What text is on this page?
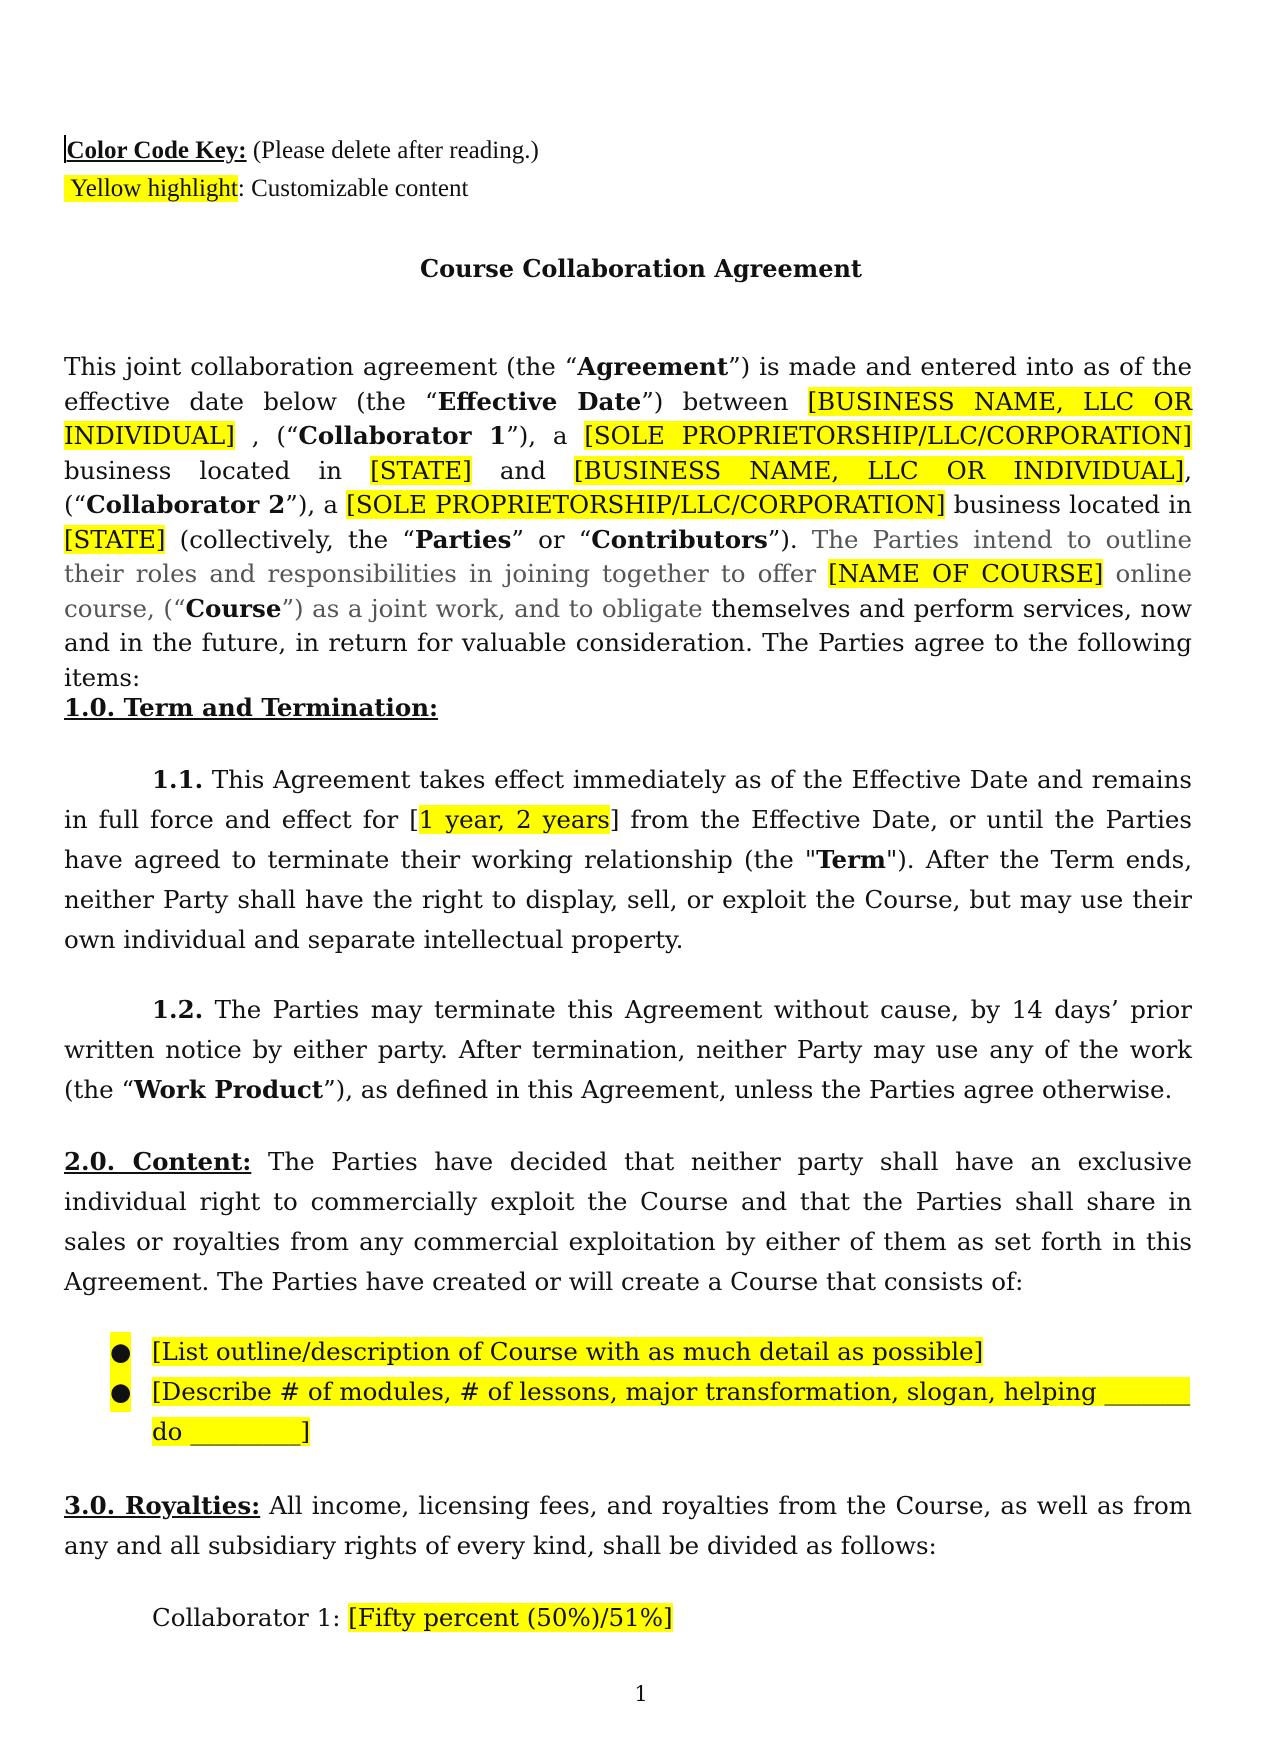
Color Code Key: (Please delete after reading.)
Yellow highlight: Customizable content
Course Collaboration Agreement
This joint collaboration agreement (the “Agreement”) is made and entered into as of the effective date below (the “Effective Date”) between [BUSINESS NAME, LLC OR INDIVIDUAL] , (“Collaborator 1”), a [SOLE PROPRIETORSHIP/LLC/CORPORATION] business located in [STATE] and [BUSINESS NAME, LLC OR INDIVIDUAL], (“Collaborator 2”), a [SOLE PROPRIETORSHIP/LLC/CORPORATION] business located in [STATE] (collectively, the “Parties” or “Contributors”). The Parties intend to outline their roles and responsibilities in joining together to offer [NAME OF COURSE] online course, (“Course”) as a joint work, and to obligate themselves and perform services, now and in the future, in return for valuable consideration. The Parties agree to the following items:
1.0. Term and Termination:
1.1. This Agreement takes effect immediately as of the Effective Date and remains in full force and effect for [1 year, 2 years] from the Effective Date, or until the Parties have agreed to terminate their working relationship (the "Term"). After the Term ends, neither Party shall have the right to display, sell, or exploit the Course, but may use their own individual and separate intellectual property.
1.2. The Parties may terminate this Agreement without cause, by 14 days’ prior written notice by either party. After termination, neither Party may use any of the work (the “Work Product”), as defined in this Agreement, unless the Parties agree otherwise.
2.0. Content: The Parties have decided that neither party shall have an exclusive individual right to commercially exploit the Course and that the Parties shall share in sales or royalties from any commercial exploitation by either of them as set forth in this Agreement. The Parties have created or will create a Course that consists of:
● [List outline/description of Course with as much detail as possible]
● [Describe # of modules, # of lessons, major transformation, slogan, helping _______ do _________]
3.0. Royalties: All income, licensing fees, and royalties from the Course, as well as from any and all subsidiary rights of every kind, shall be divided as follows:
Collaborator 1: [Fifty percent (50%)/51%]
1
